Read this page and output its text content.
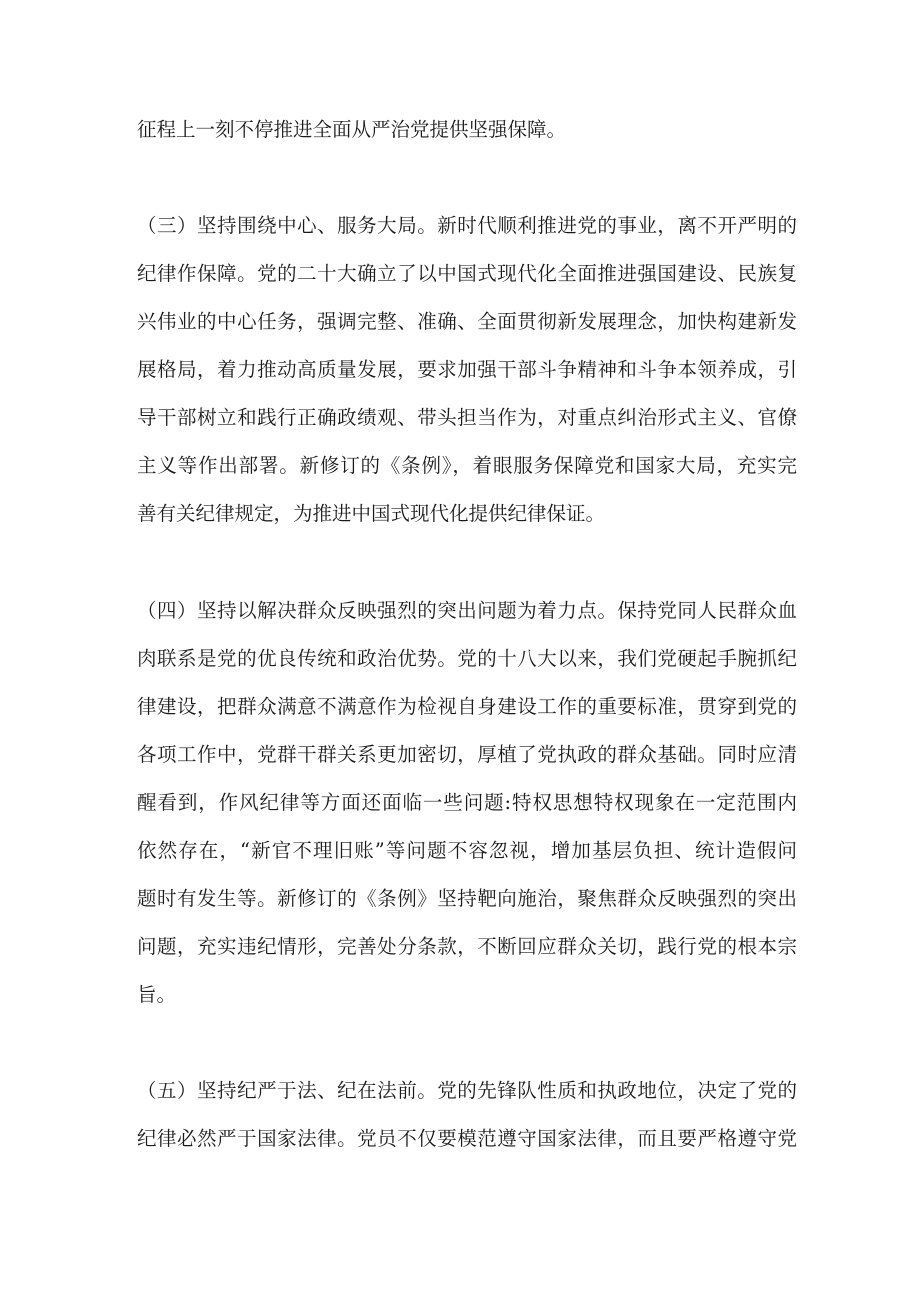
征程上一刻不停推进全面从严治党提供坚强保障。
（三）坚持围绕中心、服务大局。新时代顺利推进党的事业，离不开严明的
纪律作保障。党的二十大确立了以中国式现代化全面推进强国建设、民族复
兴伟业的中心任务，强调完整、准确、全面贯彻新发展理念，加快构建新发
展格局，着力推动高质量发展，要求加强干部斗争精神和斗争本领养成，引
导干部树立和践行正确政绩观、带头担当作为，对重点纠治形式主义、官僚
主义等作出部署。新修订的《条例》，着眼服务保障党和国家大局，充实完
善有关纪律规定，为推进中国式现代化提供纪律保证。
（四）坚持以解决群众反映强烈的突出问题为着力点。保持党同人民群众血
肉联系是党的优良传统和政治优势。党的十八大以来，我们党硬起手腕抓纪
律建设，把群众满意不满意作为检视自身建设工作的重要标准，贯穿到党的
各项工作中，党群干群关系更加密切，厚植了党执政的群众基础。同时应清
醒看到，作风纪律等方面还面临一些问题:特权思想特权现象在一定范围内
依然存在，“新官不理旧账”等问题不容忽视，增加基层负担、统计造假问
题时有发生等。新修订的《条例》坚持靶向施治，聚焦群众反映强烈的突出
问题，充实违纪情形，完善处分条款，不断回应群众关切，践行党的根本宗
旨。
（五）坚持纪严于法、纪在法前。党的先锋队性质和执政地位，决定了党的
纪律必然严于国家法律。党员不仅要模范遵守国家法律，而且要严格遵守党
